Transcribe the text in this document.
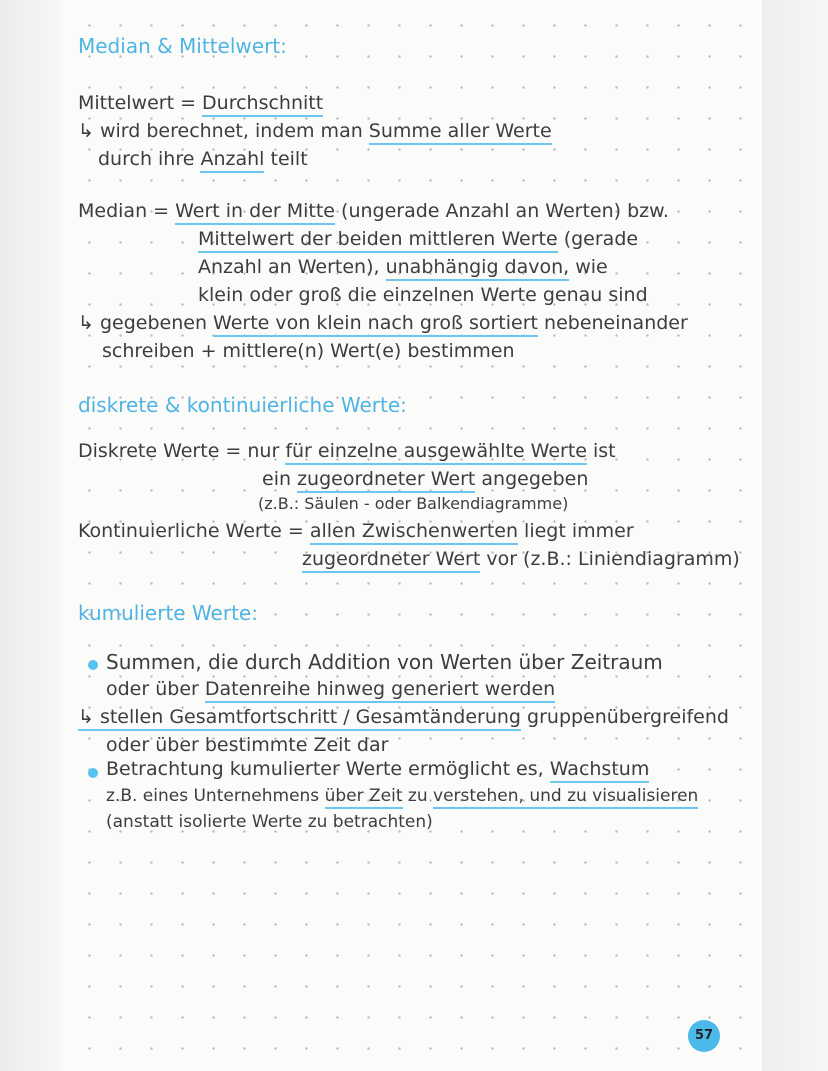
Median & Mittelwert:
Mittelwert = Durchschnitt
↳ wird berechnet, indem man Summe aller Werte
durch ihre Anzahl teilt
Median = Wert in der Mitte (ungerade Anzahl an Werten) bzw.
Mittelwert der beiden mittleren Werte (gerade
Anzahl an Werten), unabhängig davon, wie
klein oder groß die einzelnen Werte genau sind
↳ gegebenen Werte von klein nach groß sortiert nebeneinander
schreiben + mittlere(n) Wert(e) bestimmen
diskrete & kontinuierliche Werte:
Diskrete Werte = nur für einzelne ausgewählte Werte ist
ein zugeordneter Wert angegeben
(z.B.: Säulen - oder Balkendiagramme)
Kontinuierliche Werte = allen Zwischenwerten liegt immer
zugeordneter Wert vor (z.B.: Liniendiagramm)
kumulierte Werte:
Summen, die durch Addition von Werten über Zeitraum
oder über Datenreihe hinweg generiert werden
↳ stellen Gesamtfortschritt / Gesamtänderung gruppenübergreifend
oder über bestimmte Zeit dar
Betrachtung kumulierter Werte ermöglicht es, Wachstum
z.B. eines Unternehmens über Zeit zu verstehen, und zu visualisieren
(anstatt isolierte Werte zu betrachten)
57
